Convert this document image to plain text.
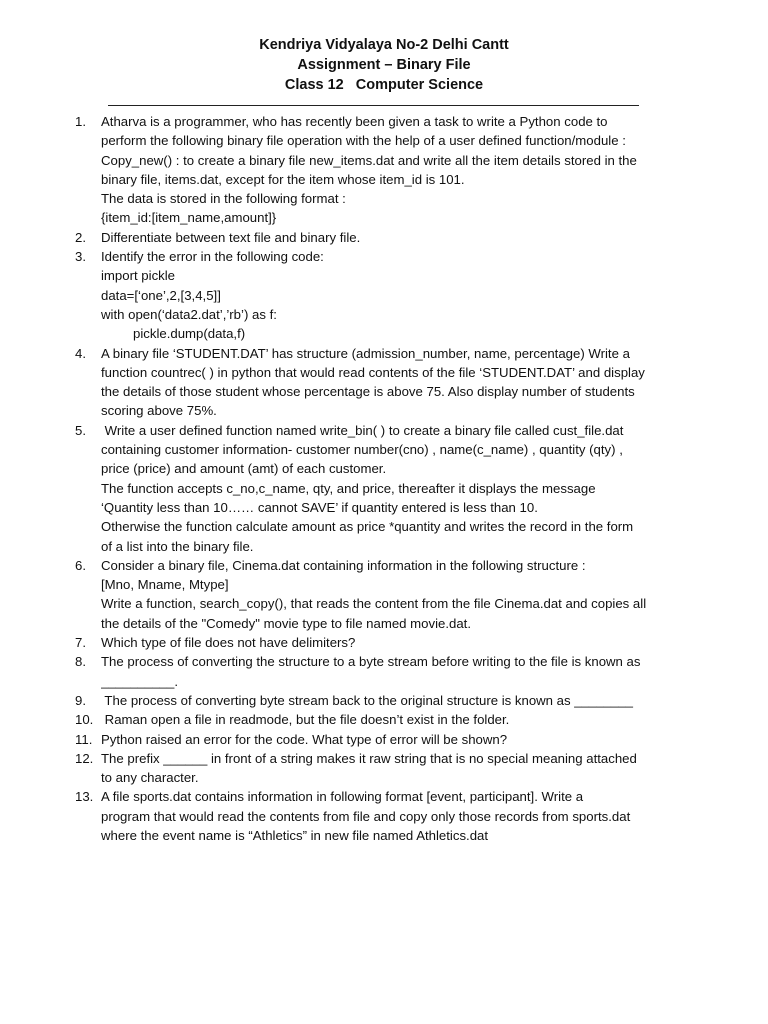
Kendriya Vidyalaya No-2 Delhi Cantt
Assignment – Binary File
Class 12   Computer Science
1.	Atharva is a programmer, who has recently been given a task to write a Python code to
perform the following binary file operation with the help of a user defined function/module :
Copy_new() : to create a binary file new_items.dat and write all the item details stored in the
binary file, items.dat, except for the item whose item_id is 101.
The data is stored in the following format :
{item_id:[item_name,amount]}
2.	Differentiate between text file and binary file.
3.	Identify the error in the following code:
import pickle
data=[‘one’,2,[3,4,5]]
with open(‘data2.dat’,’rb’) as f:
pickle.dump(data,f)
4.	A binary file ‘STUDENT.DAT’ has structure (admission_number, name, percentage) Write a
function countrec( ) in python that would read contents of the file ‘STUDENT.DAT’ and display
the details of those student whose percentage is above 75. Also display number of students
scoring above 75%.
5.	Write a user defined function named write_bin( ) to create a binary file called cust_file.dat
containing customer information- customer number(cno) , name(c_name) , quantity (qty) ,
price (price) and amount (amt) of each customer.
The function accepts c_no,c_name, qty, and price, thereafter it displays the message
‘Quantity less than 10…… cannot SAVE’ if quantity entered is less than 10.
Otherwise the function calculate amount as price *quantity and writes the record in the form
of a list into the binary file.
6.	Consider a binary file, Cinema.dat containing information in the following structure :
[Mno, Mname, Mtype]
Write a function, search_copy(), that reads the content from the file Cinema.dat and copies all
the details of the "Comedy" movie type to file named movie.dat.
7.	Which type of file does not have delimiters?
8.	The process of converting the structure to a byte stream before writing to the file is known as
__________.
9.	The process of converting byte stream back to the original structure is known as ________
10. Raman open a file in readmode, but the file doesn’t exist in the folder.
11. Python raised an error for the code. What type of error will be shown?
12. The prefix ______ in front of a string makes it raw string that is no special meaning attached
to any character.
13. A file sports.dat contains information in following format [event, participant]. Write a
program that would read the contents from file and copy only those records from sports.dat
where the event name is “Athletics” in new file named Athletics.dat
